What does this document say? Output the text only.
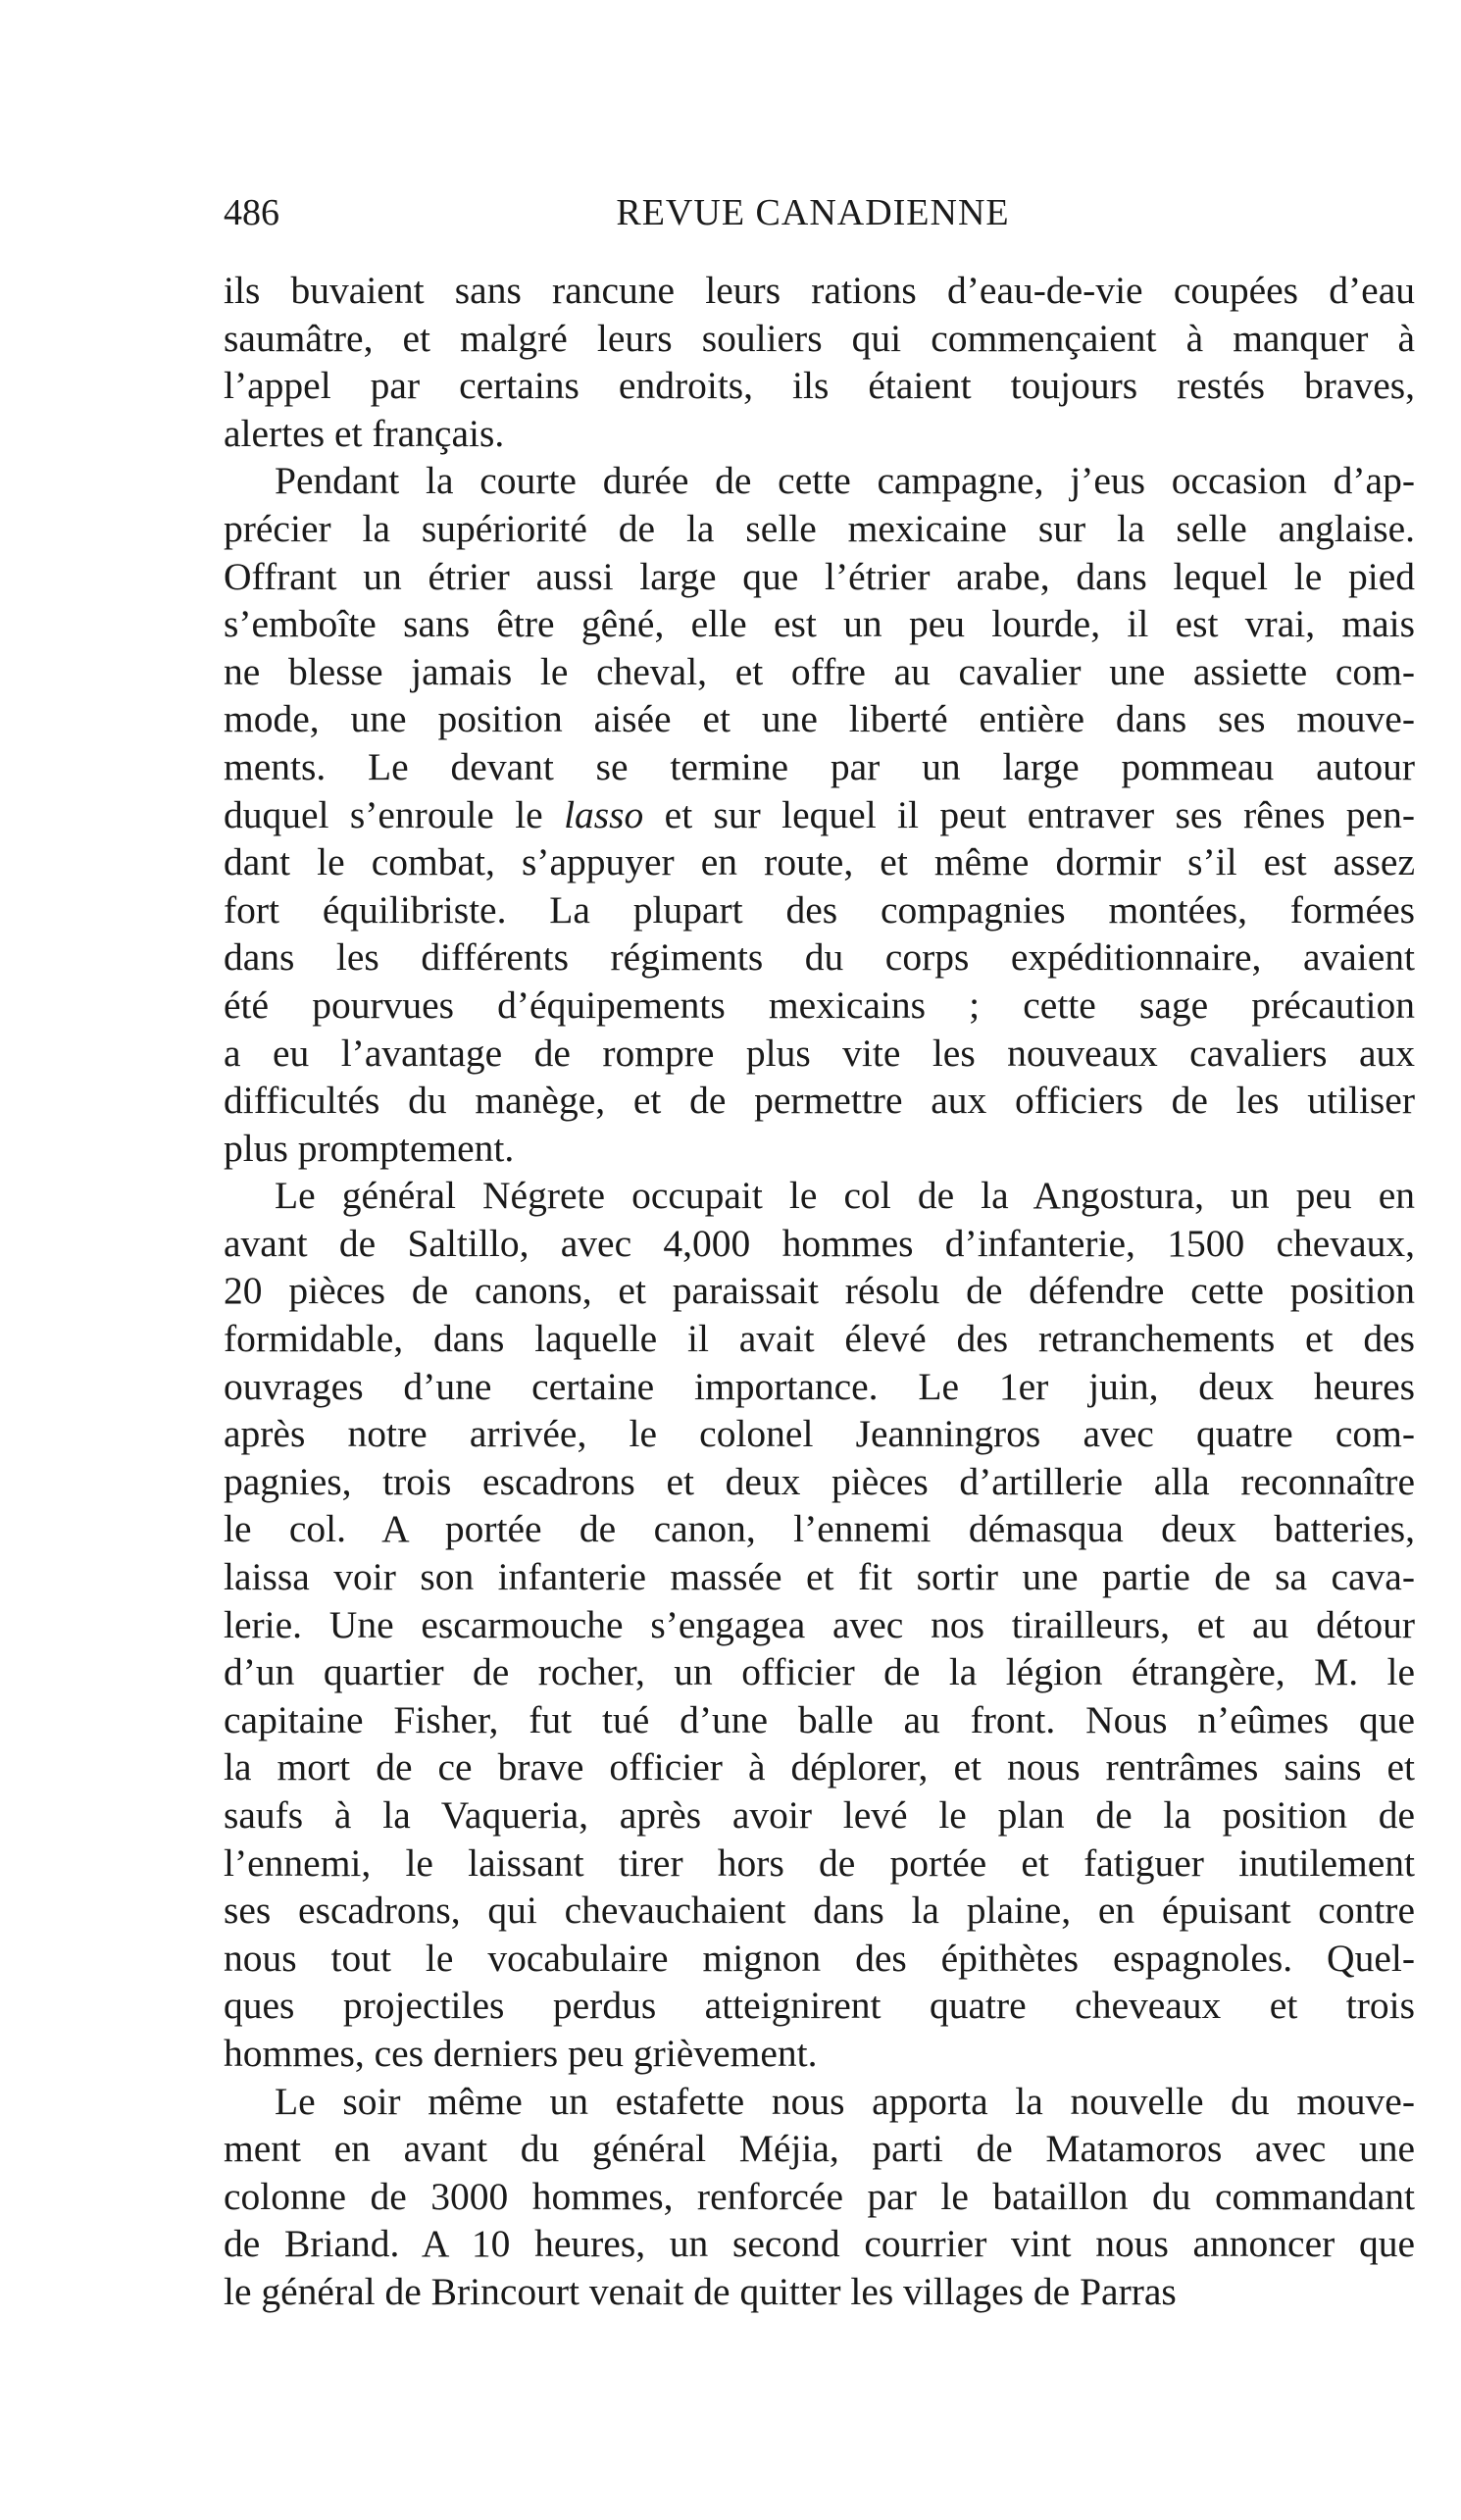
486	REVUE CANADIENNE
ils buvaient sans rancune leurs rations d’eau-de-vie coupées d’eau
saumâtre, et malgré leurs souliers qui commençaient à manquer à
l’appel par certains endroits, ils étaient toujours restés braves,
alertes et français.
Pendant la courte durée de cette campagne, j’eus occasion d’ap-
précier la supériorité de la selle mexicaine sur la selle anglaise.
Offrant un étrier aussi large que l’étrier arabe, dans lequel le pied
s’emboîte sans être gêné, elle est un peu lourde, il est vrai, mais
ne blesse jamais le cheval, et offre au cavalier une assiette com-
mode, une position aisée et une liberté entière dans ses mouve-
ments. Le devant se termine par un large pommeau autour
duquel s’enroule le lasso et sur lequel il peut entraver ses rênes pen-
dant le combat, s’appuyer en route, et même dormir s’il est assez
fort équilibriste. La plupart des compagnies montées, formées
dans les différents régiments du corps expéditionnaire, avaient
été pourvues d’équipements mexicains ; cette sage précaution
a eu l’avantage de rompre plus vite les nouveaux cavaliers aux
difficultés du manège, et de permettre aux officiers de les utiliser
plus promptement.
Le général Négrete occupait le col de la Angostura, un peu en
avant de Saltillo, avec 4,000 hommes d’infanterie, 1500 chevaux,
20 pièces de canons, et paraissait résolu de défendre cette position
formidable, dans laquelle il avait élevé des retranchements et des
ouvrages d’une certaine importance. Le 1er juin, deux heures
après notre arrivée, le colonel Jeanningros avec quatre com-
pagnies, trois escadrons et deux pièces d’artillerie alla reconnaître
le col. A portée de canon, l’ennemi démasqua deux batteries,
laissa voir son infanterie massée et fit sortir une partie de sa cava-
lerie. Une escarmouche s’engagea avec nos tirailleurs, et au détour
d’un quartier de rocher, un officier de la légion étrangère, M. le
capitaine Fisher, fut tué d’une balle au front. Nous n’eûmes que
la mort de ce brave officier à déplorer, et nous rentrâmes sains et
saufs à la Vaqueria, après avoir levé le plan de la position de
l’ennemi, le laissant tirer hors de portée et fatiguer inutilement
ses escadrons, qui chevauchaient dans la plaine, en épuisant contre
nous tout le vocabulaire mignon des épithètes espagnoles. Quel-
ques projectiles perdus atteignirent quatre cheveaux et trois
hommes, ces derniers peu grièvement.
Le soir même un estafette nous apporta la nouvelle du mouve-
ment en avant du général Méjia, parti de Matamoros avec une
colonne de 3000 hommes, renforcée par le bataillon du commandant
de Briand. A 10 heures, un second courrier vint nous annoncer que
le général de Brincourt venait de quitter les villages de Parras
